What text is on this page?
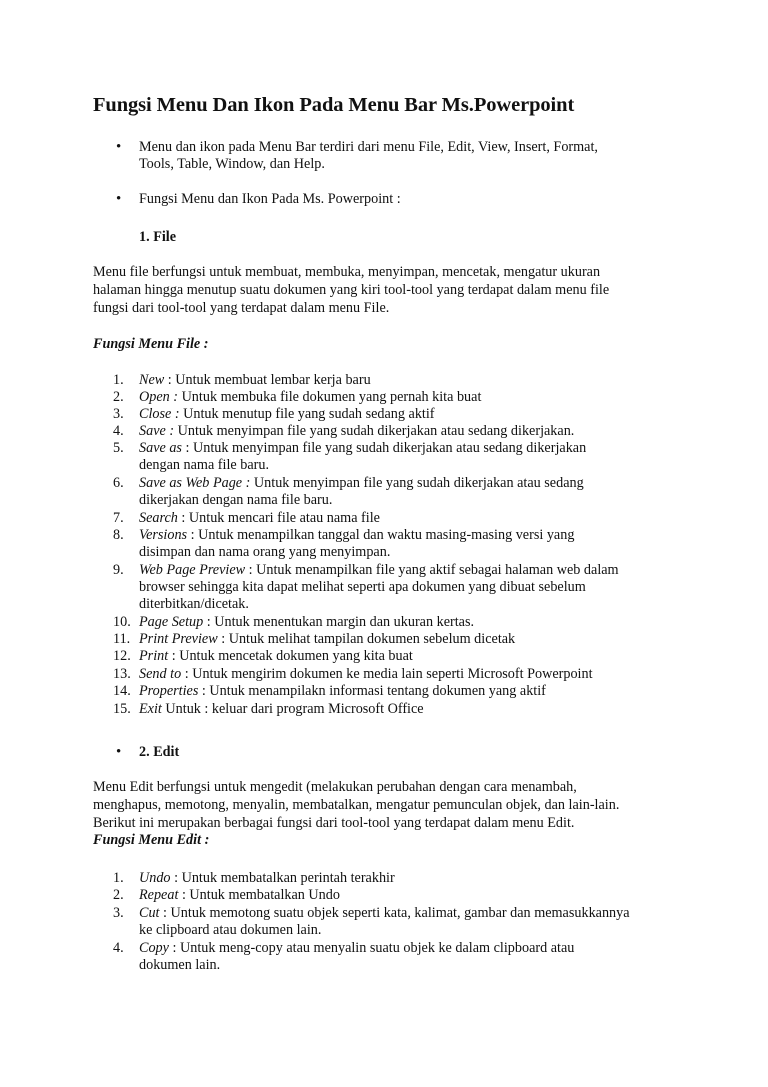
Fungsi Menu Dan Ikon Pada Menu Bar Ms.Powerpoint
• Menu dan ikon pada Menu Bar terdiri dari menu File, Edit, View, Insert, Format,
Tools, Table, Window, dan Help.
• Fungsi Menu dan Ikon Pada Ms. Powerpoint :
1. File
Menu file berfungsi untuk membuat, membuka, menyimpan, mencetak, mengatur ukuran
halaman hingga menutup suatu dokumen yang kiri tool-tool yang terdapat dalam menu file
fungsi dari tool-tool yang terdapat dalam menu File.
Fungsi Menu File :
1. New : Untuk membuat lembar kerja baru
2. Open : Untuk membuka file dokumen yang pernah kita buat
3. Close : Untuk menutup file yang sudah sedang aktif
4. Save : Untuk menyimpan file yang sudah dikerjakan atau sedang dikerjakan.
5. Save as : Untuk menyimpan file yang sudah dikerjakan atau sedang dikerjakan
dengan nama file baru.
6. Save as Web Page : Untuk menyimpan file yang sudah dikerjakan atau sedang
dikerjakan dengan nama file baru.
7. Search : Untuk mencari file atau nama file
8. Versions : Untuk menampilkan tanggal dan waktu masing-masing versi yang
disimpan dan nama orang yang menyimpan.
9. Web Page Preview : Untuk menampilkan file yang aktif sebagai halaman web dalam
browser sehingga kita dapat melihat seperti apa dokumen yang dibuat sebelum
diterbitkan/dicetak.
10. Page Setup : Untuk menentukan margin dan ukuran kertas.
11. Print Preview : Untuk melihat tampilan dokumen sebelum dicetak
12. Print : Untuk mencetak dokumen yang kita buat
13. Send to : Untuk mengirim dokumen ke media lain seperti Microsoft Powerpoint
14. Properties : Untuk menampilakn informasi tentang dokumen yang aktif
15. Exit Untuk : keluar dari program Microsoft Office
• 2. Edit
Menu Edit berfungsi untuk mengedit (melakukan perubahan dengan cara menambah,
menghapus, memotong, menyalin, membatalkan, mengatur pemunculan objek, dan lain-lain.
Berikut ini merupakan berbagai fungsi dari tool-tool yang terdapat dalam menu Edit.
Fungsi Menu Edit :
1. Undo : Untuk membatalkan perintah terakhir
2. Repeat : Untuk membatalkan Undo
3. Cut : Untuk memotong suatu objek seperti kata, kalimat, gambar dan memasukkannya
ke clipboard atau dokumen lain.
4. Copy : Untuk meng-copy atau menyalin suatu objek ke dalam clipboard atau
dokumen lain.
